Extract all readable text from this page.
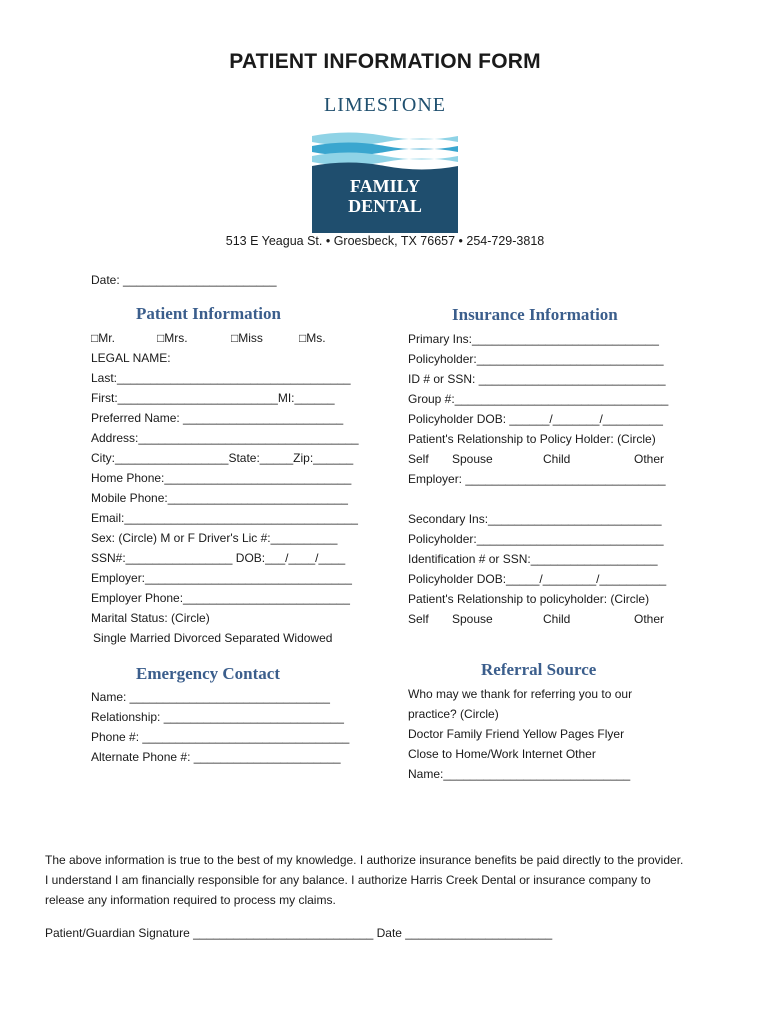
PATIENT INFORMATION FORM
LIMESTONE
FAMILY
DENTAL
513 E Yeagua St. • Groesbeck, TX 76657 • 254-729-3818
Date: _______________________
Patient Information
□Mr.	□Mrs.	□Miss	□Ms.
LEGAL NAME:
Last:___________________________________
First:________________________MI:______
Preferred Name: ________________________
Address:_________________________________
City:_________________State:_____Zip:______
Home Phone:____________________________
Mobile Phone:___________________________
Email:___________________________________
Sex: (Circle) M or F Driver's Lic #:__________
SSN#:________________ DOB:___/____/____
Employer:_______________________________
Employer Phone:_________________________
Marital Status: (Circle)
Single Married Divorced Separated Widowed
Insurance Information
Primary Ins:____________________________
Policyholder:____________________________
ID # or SSN: ____________________________
Group #:________________________________
Policyholder DOB: ______/_______/_________
Patient's Relationship to Policy Holder: (Circle)
Self Spouse	Child	Other
Employer: ______________________________
Secondary Ins:__________________________
Policyholder:____________________________
Identification # or SSN:___________________
Policyholder DOB:_____/________/__________
Patient's Relationship to policyholder: (Circle)
Self Spouse	Child	Other
Emergency Contact
Name: ______________________________
Relationship: ___________________________
Phone #: _______________________________
Alternate Phone #: ______________________
Referral Source
Who may we thank for referring you to our
practice? (Circle)
Doctor Family Friend Yellow Pages Flyer
Close to Home/Work Internet Other
Name:____________________________
The above information is true to the best of my knowledge. I authorize insurance benefits be paid directly to the provider. I understand I am financially responsible for any balance. I authorize Harris Creek Dental or insurance company to release any information required to process my claims.
Patient/Guardian Signature ___________________________ Date ______________________
